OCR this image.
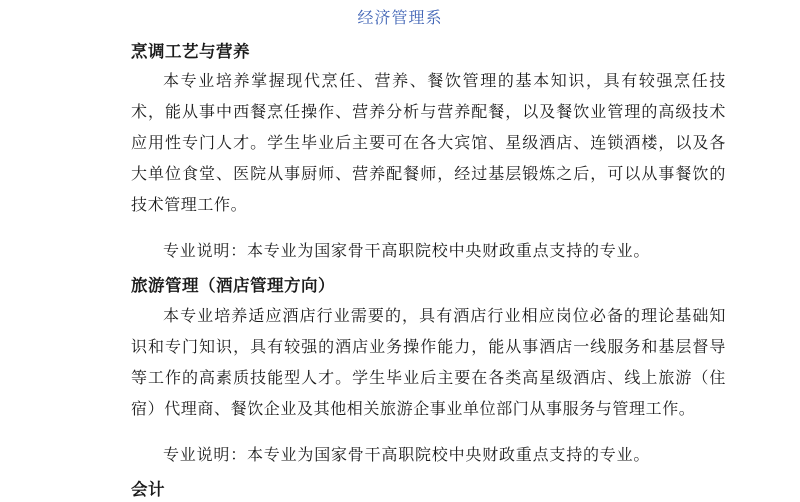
经济管理系
烹调工艺与营养
本专业培养掌握现代烹任、营养、餐饮管理的基本知识，具有较强烹任技术，能从事中西餐烹任操作、营养分析与营养配餐，以及餐饮业管理的高级技术应用性专门人才。学生毕业后主要可在各大宾馆、星级酒店、连锁酒楼，以及各大单位食堂、医院从事厨师、营养配餐师，经过基层锻炼之后，可以从事餐饮的技术管理工作。
专业说明：本专业为国家骨干高职院校中央财政重点支持的专业。
旅游管理（酒店管理方向）
本专业培养适应酒店行业需要的，具有酒店行业相应岗位必备的理论基础知识和专门知识，具有较强的酒店业务操作能力，能从事酒店一线服务和基层督导等工作的高素质技能型人才。学生毕业后主要在各类高星级酒店、线上旅游（住宿）代理商、餐饮企业及其他相关旅游企事业单位部门从事服务与管理工作。
专业说明：本专业为国家骨干高职院校中央财政重点支持的专业。
会计
